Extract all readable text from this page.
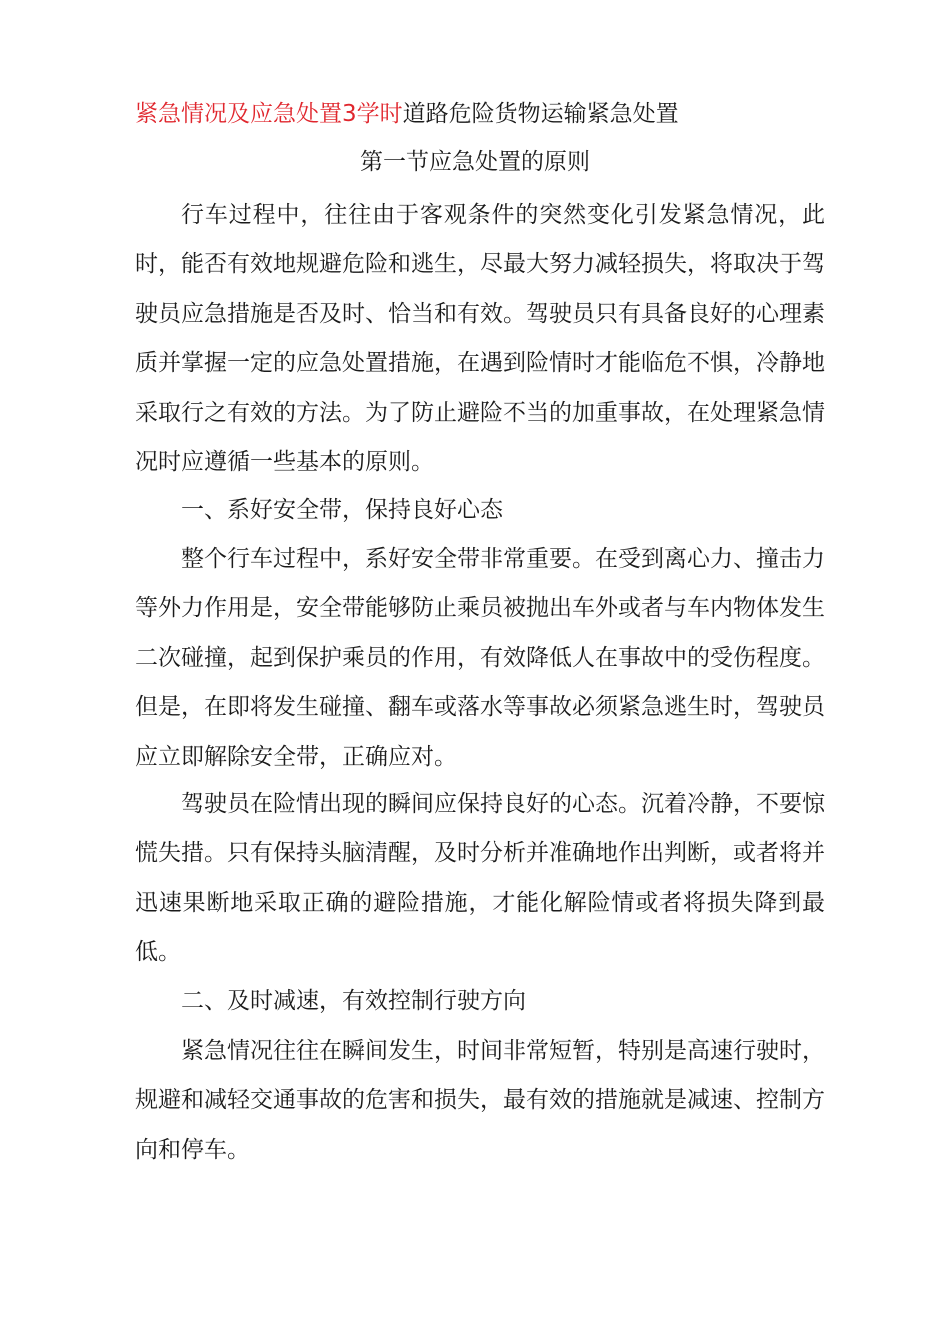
紧急情况及应急处置3学时道路危险货物运输紧急处置
第一节应急处置的原则
行车过程中，往往由于客观条件的突然变化引发紧急情况，此时，能否有效地规避危险和逃生，尽最大努力减轻损失，将取决于驾驶员应急措施是否及时、恰当和有效。驾驶员只有具备良好的心理素质并掌握一定的应急处置措施，在遇到险情时才能临危不惧，冷静地采取行之有效的方法。为了防止避险不当的加重事故，在处理紧急情况时应遵循一些基本的原则。
一、系好安全带，保持良好心态
整个行车过程中，系好安全带非常重要。在受到离心力、撞击力等外力作用是，安全带能够防止乘员被抛出车外或者与车内物体发生二次碰撞，起到保护乘员的作用，有效降低人在事故中的受伤程度。但是，在即将发生碰撞、翻车或落水等事故必须紧急逃生时，驾驶员应立即解除安全带，正确应对。
驾驶员在险情出现的瞬间应保持良好的心态。沉着冷静，不要惊慌失措。只有保持头脑清醒，及时分析并准确地作出判断，或者将并迅速果断地采取正确的避险措施，才能化解险情或者将损失降到最低。
二、及时减速，有效控制行驶方向
紧急情况往往在瞬间发生，时间非常短暂，特别是高速行驶时，规避和减轻交通事故的危害和损失，最有效的措施就是减速、控制方向和停车。
